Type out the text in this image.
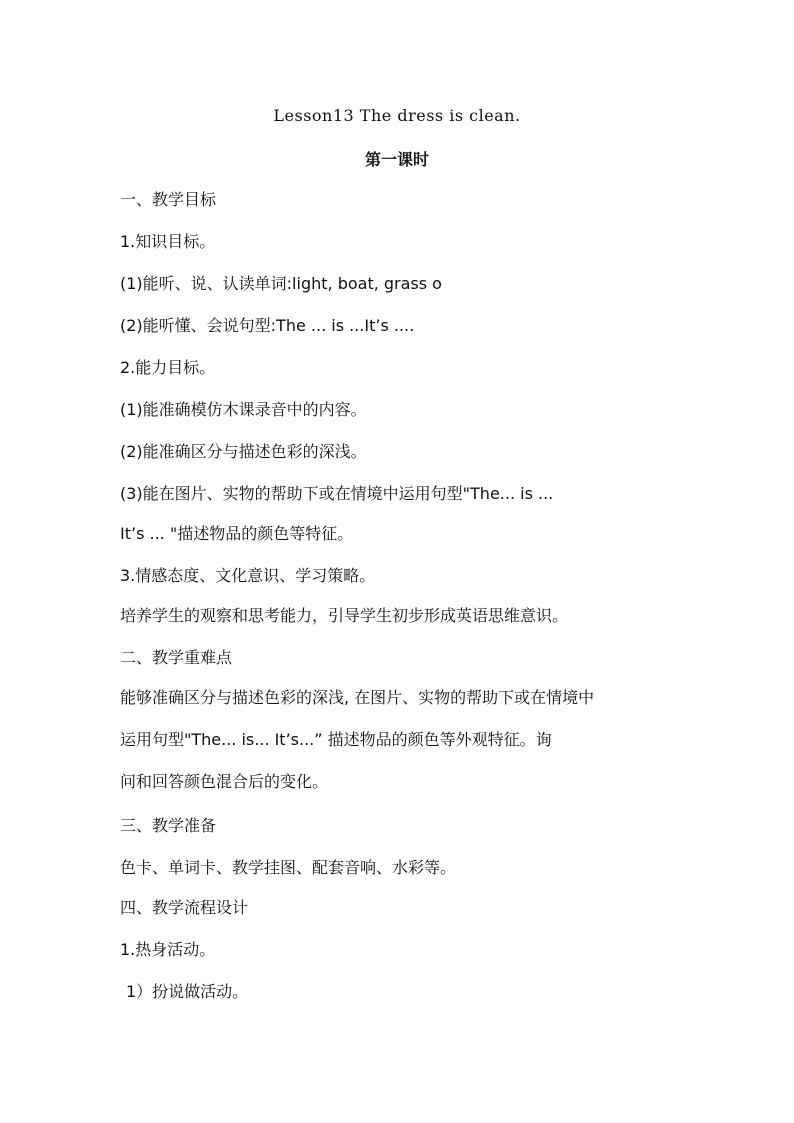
Lesson13 The dress is clean.
第一课时
一、教学目标
1.知识目标。
(1)能听、说、认读单词:light, boat, grass o
(2)能听懂、会说句型:The ... is ...It’s ....
2.能力目标。
(1)能准确模仿木课录音中的内容。
(2)能准确区分与描述色彩的深浅。
(3)能在图片、实物的帮助下或在情境中运用句型"The... is ...
It’s ... "描述物品的颜色等特征。
3.情感态度、文化意识、学习策略。
培养学生的观察和思考能力，引导学生初步形成英语思维意识。
二、教学重难点
能够准确区分与描述色彩的深浅, 在图片、实物的帮助下或在情境中
运用句型"The... is... It’s...” 描述物品的颜色等外观特征。询
问和回答颜色混合后的变化。
三、教学准备
色卡、单词卡、教学挂图、配套音响、水彩等。
四、教学流程设计
1.热身活动。
1）扮说做活动。
